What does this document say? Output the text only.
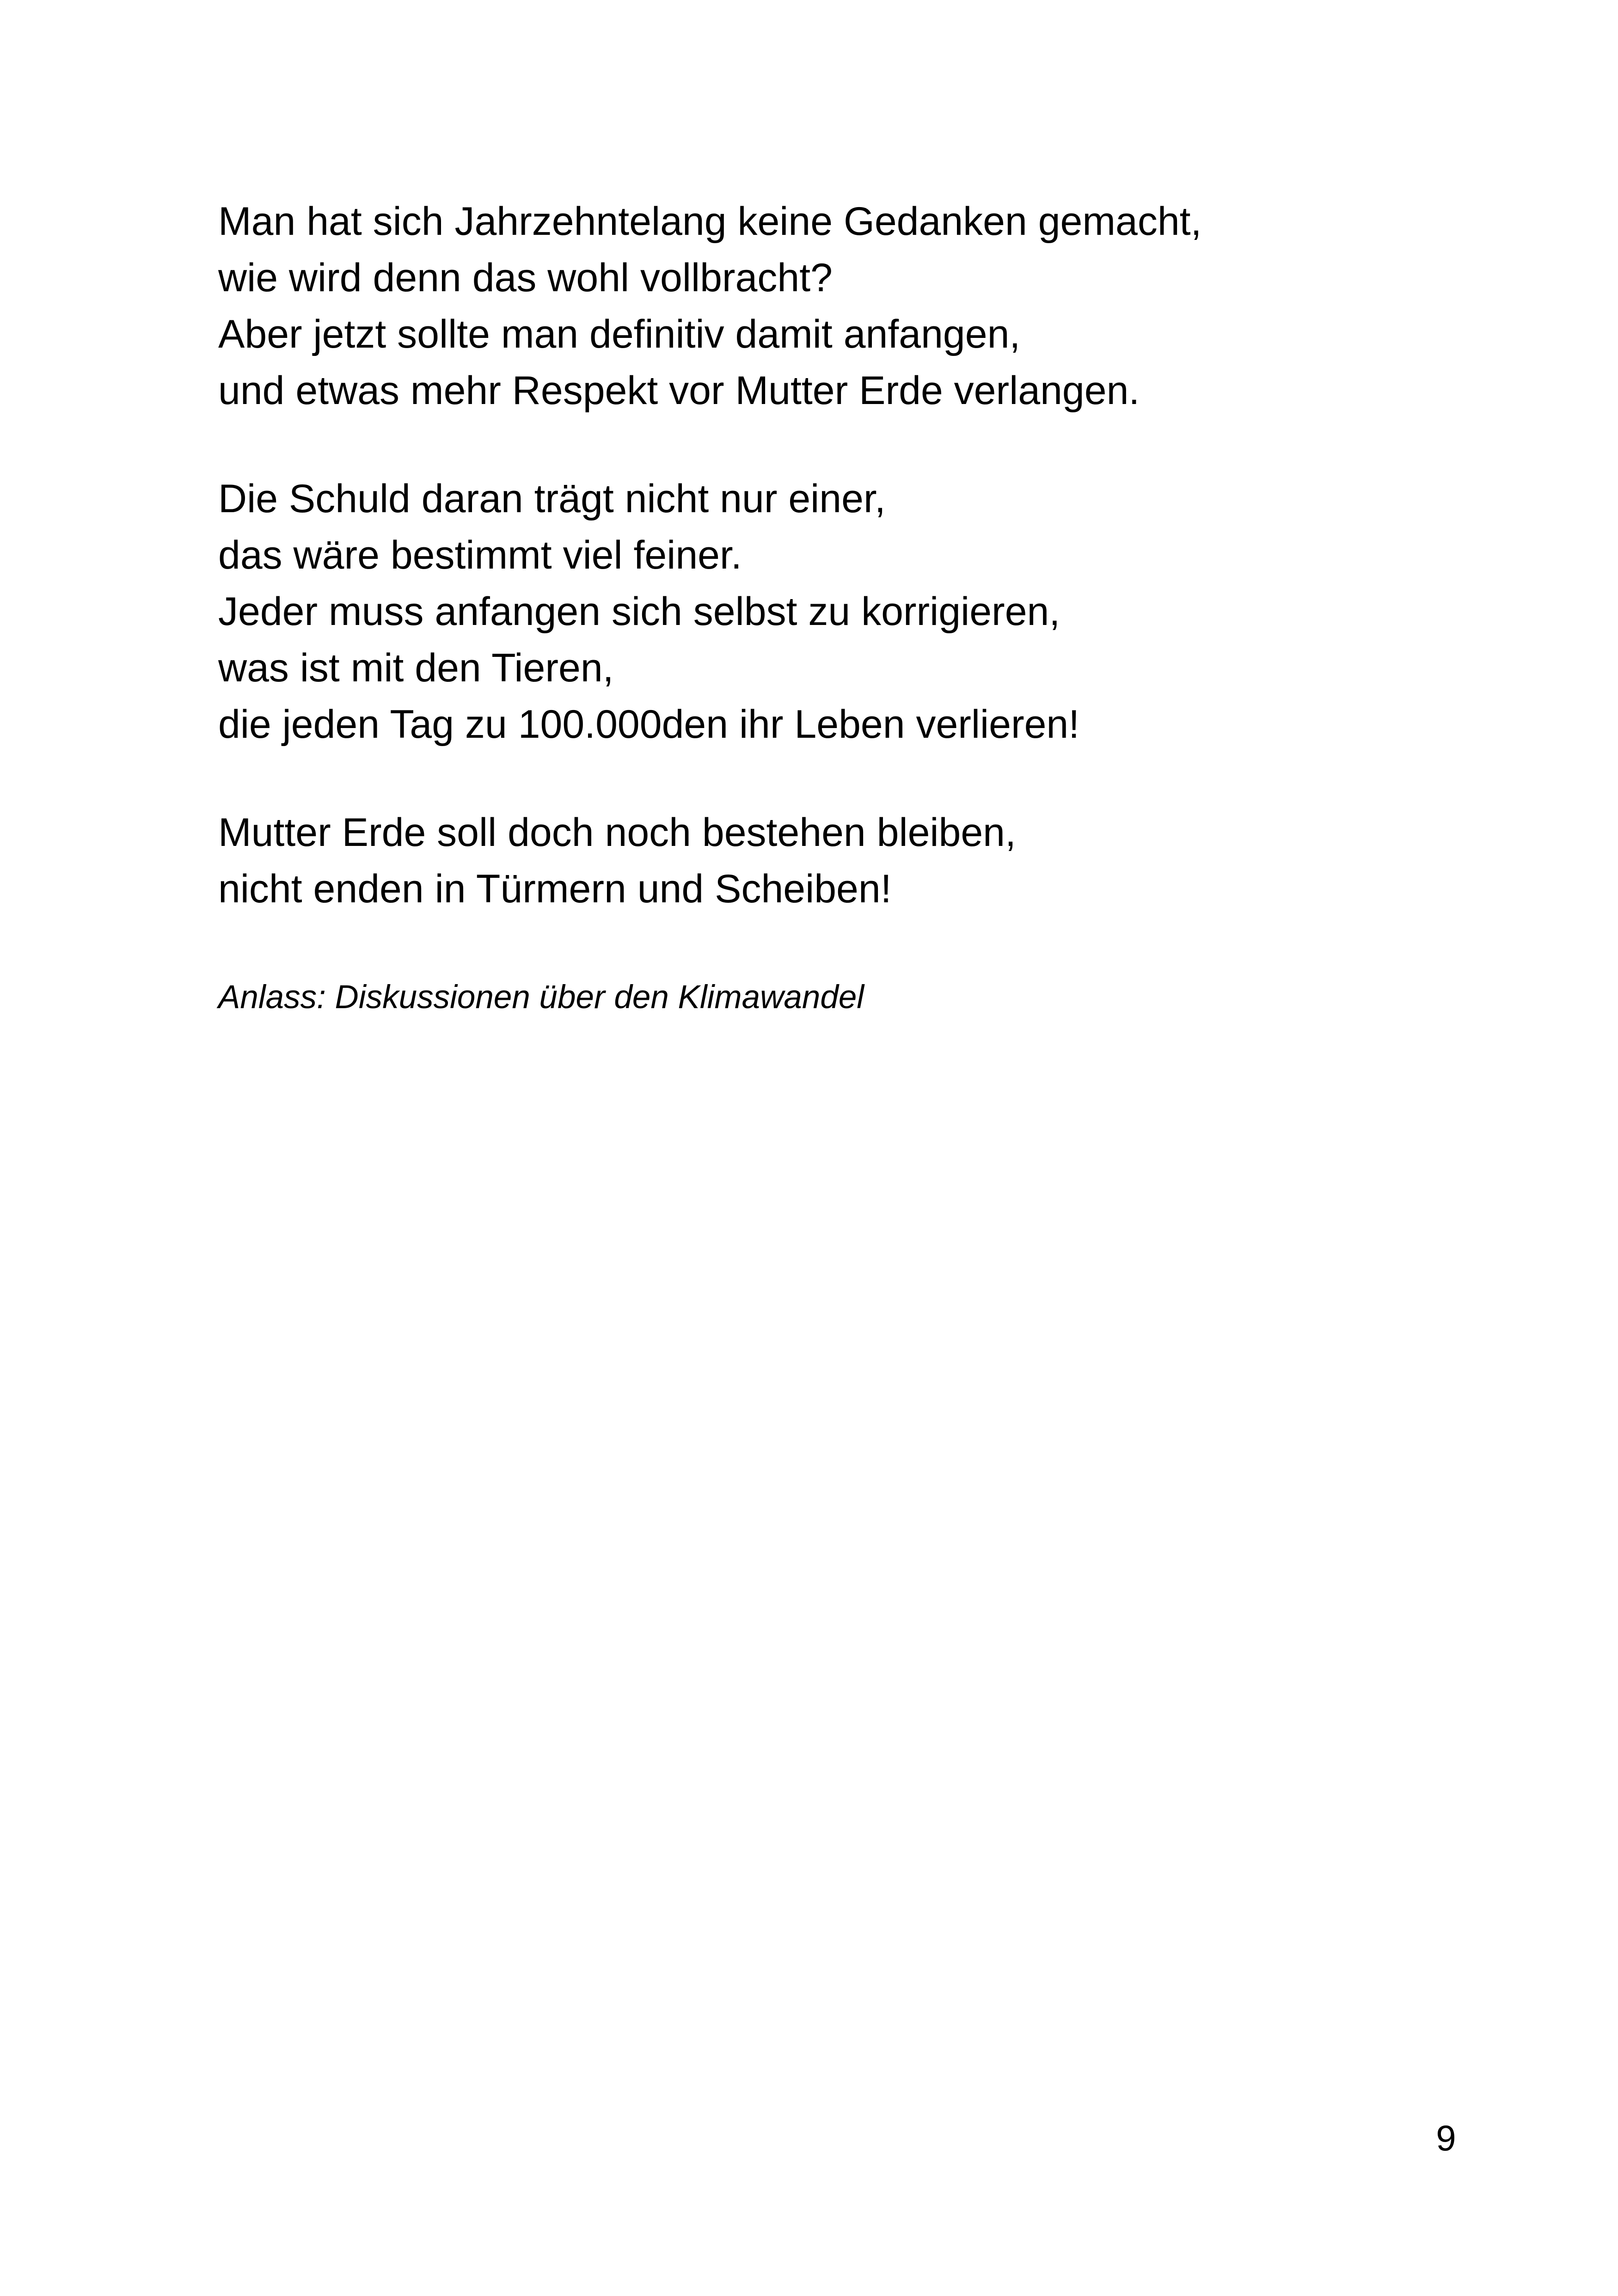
Man hat sich Jahrzehntelang keine Gedanken gemacht,
wie wird denn das wohl vollbracht?
Aber jetzt sollte man definitiv damit anfangen,
und etwas mehr Respekt vor Mutter Erde verlangen.
Die Schuld daran trägt nicht nur einer,
das wäre bestimmt viel feiner.
Jeder muss anfangen sich selbst zu korrigieren,
was ist mit den Tieren,
die jeden Tag zu 100.000den ihr Leben verlieren!
Mutter Erde soll doch noch bestehen bleiben,
nicht enden in Türmern und Scheiben!
Anlass: Diskussionen über den Klimawandel
9
